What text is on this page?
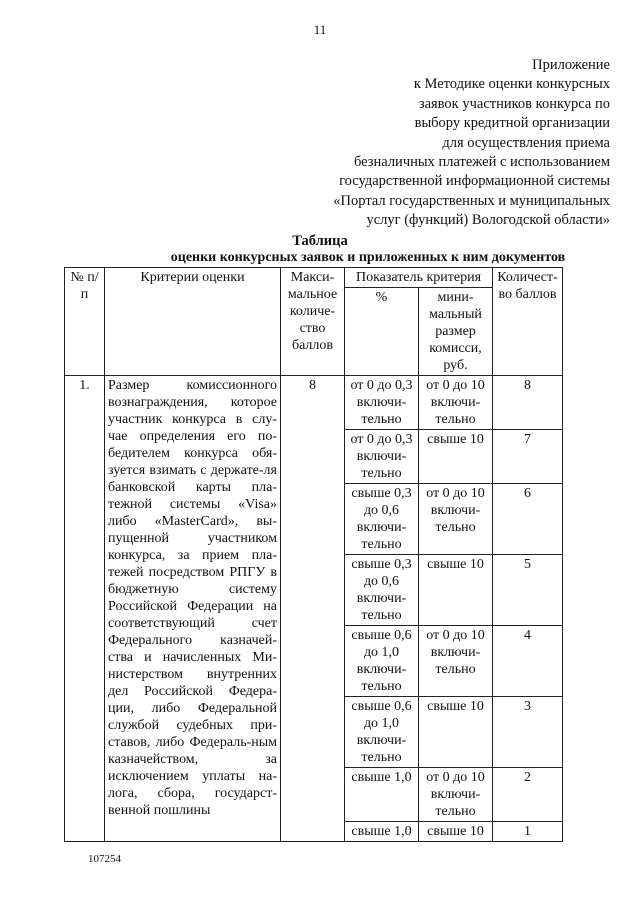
11
Приложение
к Методике оценки конкурсных
заявок участников конкурса по
выбору кредитной организации
для осуществления приема
безналичных платежей с использованием
государственной информационной системы
«Портал государственных и муниципальных
услуг (функций) Вологодской области»
Таблица
оценки конкурсных заявок и приложенных к ним документов
№ п/п	Критерии оценки	Макси-мальное количе-ство баллов	Показатель критерия		Количест-во баллов
			%	мини-мальный размер комисси, руб.	
1.	Размер комиссионного вознаграждения, которое участник конкурса в слу-чае определения его по-бедителем конкурса обя-зуется взимать с держате-ля банковской карты пла-тежной системы «Visa» либо «MasterCard», вы-пущенной участником конкурса, за прием пла-тежей посредством РПГУ в бюджетную систему Российской Федерации на соответствующий счет Федерального казначей-ства и начисленных Ми-нистерством внутренних дел Российской Федера-ции, либо Федеральной службой судебных при-ставов, либо Федераль-ным казначейством, за исключением уплаты на-лога, сбора, государст-венной пошлины	8	от 0 до 0,3 включи-тельно	от 0 до 10 включи-тельно	8
			от 0 до 0,3 включи-тельно	свыше 10	7
			свыше 0,3 до 0,6 включи-тельно	от 0 до 10 включи-тельно	6
			свыше 0,3 до 0,6 включи-тельно	свыше 10	5
			свыше 0,6 до 1,0 включи-тельно	от 0 до 10 включи-тельно	4
			свыше 0,6 до 1,0 включи-тельно	свыше 10	3
			свыше 1,0	от 0 до 10 включи-тельно	2
			свыше 1,0	свыше 10	1
107254
